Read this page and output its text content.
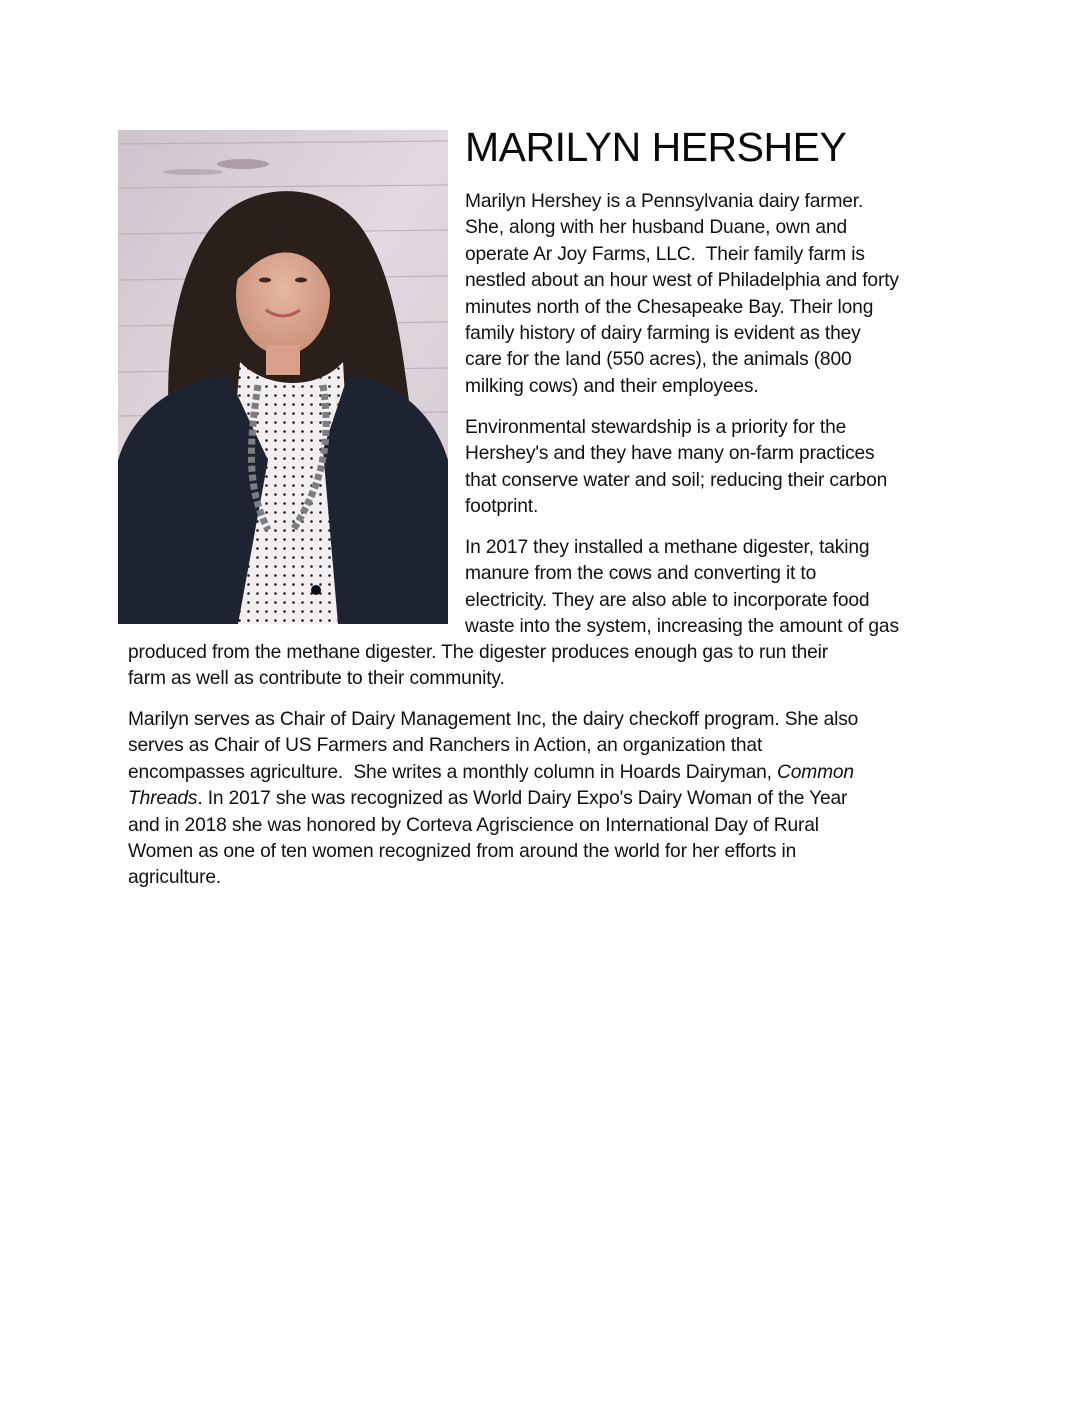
MARILYN HERSHEY
Marilyn Hershey is a Pennsylvania dairy farmer.
She, along with her husband Duane, own and
operate Ar Joy Farms, LLC.  Their family farm is
nestled about an hour west of Philadelphia and forty
minutes north of the Chesapeake Bay. Their long
family history of dairy farming is evident as they
care for the land (550 acres), the animals (800
milking cows) and their employees.
Environmental stewardship is a priority for the
Hershey's and they have many on-farm practices
that conserve water and soil; reducing their carbon
footprint.
In 2017 they installed a methane digester, taking
manure from the cows and converting it to
electricity. They are also able to incorporate food
waste into the system, increasing the amount of gas
produced from the methane digester. The digester produces enough gas to run their
farm as well as contribute to their community.
Marilyn serves as Chair of Dairy Management Inc, the dairy checkoff program. She also
serves as Chair of US Farmers and Ranchers in Action, an organization that
encompasses agriculture.  She writes a monthly column in Hoards Dairyman, Common
Threads. In 2017 she was recognized as World Dairy Expo's Dairy Woman of the Year
and in 2018 she was honored by Corteva Agriscience on International Day of Rural
Women as one of ten women recognized from around the world for her efforts in
agriculture.
